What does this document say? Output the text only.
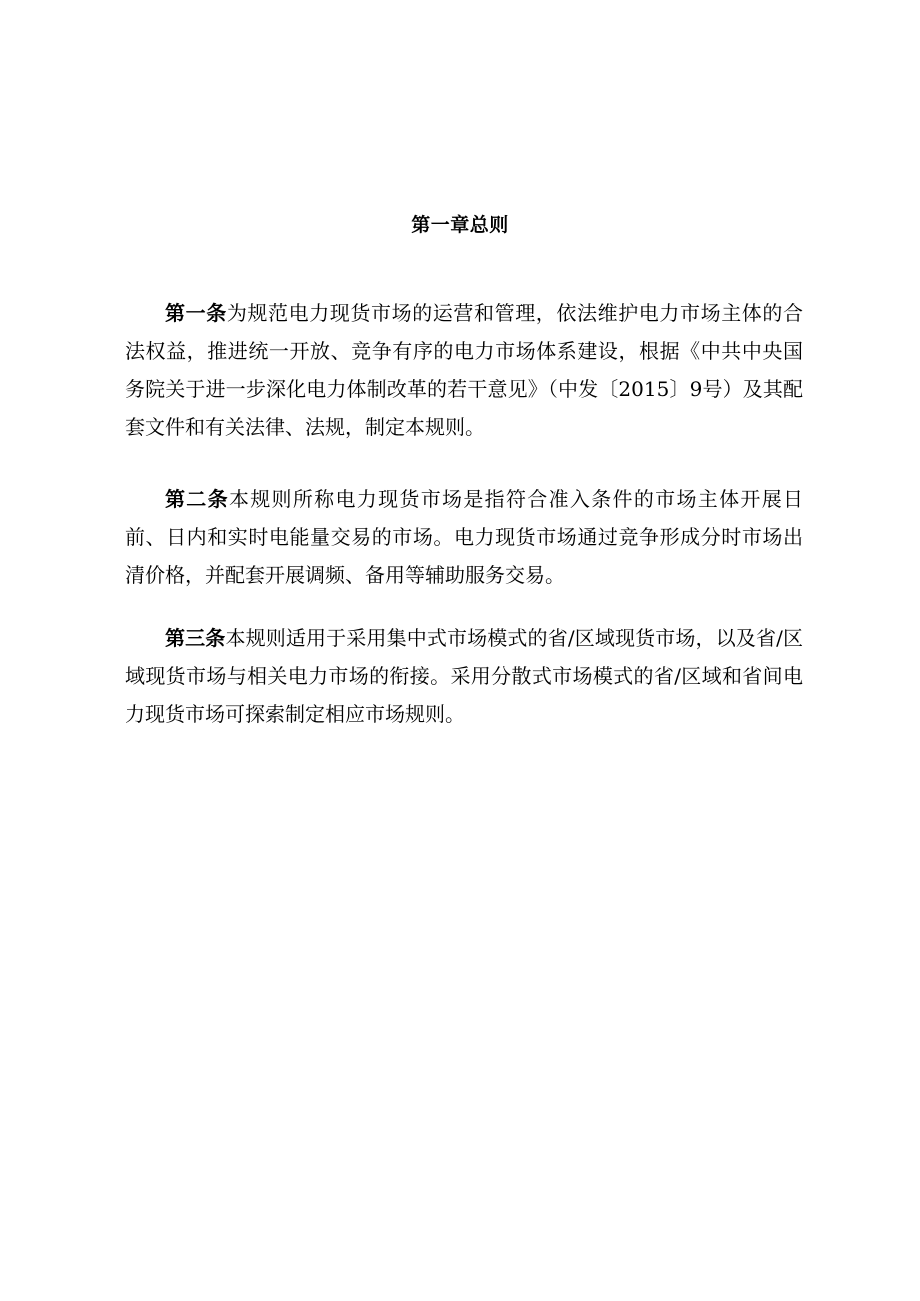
第一章总则

第一条为规范电力现货市场的运营和管理，依法维护电力市场主体的合法权益，推进统一开放、竞争有序的电力市场体系建设，根据《中共中央国务院关于进一步深化电力体制改革的若干意见》（中发〔2015〕9号）及其配套文件和有关法律、法规，制定本规则。

第二条本规则所称电力现货市场是指符合准入条件的市场主体开展日前、日内和实时电能量交易的市场。电力现货市场通过竞争形成分时市场出清价格，并配套开展调频、备用等辅助服务交易。

第三条本规则适用于采用集中式市场模式的省/区域现货市场，以及省/区域现货市场与相关电力市场的衔接。采用分散式市场模式的省/区域和省间电力现货市场可探索制定相应市场规则。
